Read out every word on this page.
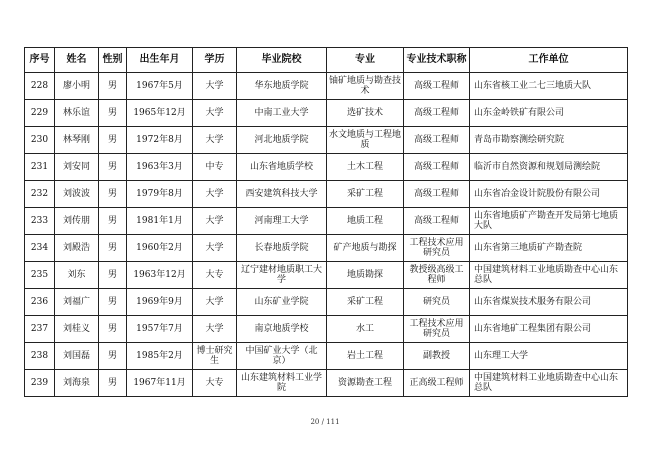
序号	姓名	性别	出生年月	学历	毕业院校	专业	专业技术职称	工作单位
228	廖小明	男	1967年5月	大学	华东地质学院	铀矿地质与勘查技术	高级工程师	山东省核工业二七三地质大队
229	林乐谊	男	1965年12月	大学	中南工业大学	选矿技术	高级工程师	山东金岭铁矿有限公司
230	林琴刚	男	1972年8月	大学	河北地质学院	水文地质与工程地质	高级工程师	青岛市勘察测绘研究院
231	刘安同	男	1963年3月	中专	山东省地质学校	土木工程	高级工程师	临沂市自然资源和规划局测绘院
232	刘波波	男	1979年8月	大学	西安建筑科技大学	采矿工程	高级工程师	山东省冶金设计院股份有限公司
233	刘传朋	男	1981年1月	大学	河南理工大学	地质工程	高级工程师	山东省地质矿产勘查开发局第七地质大队
234	刘殿浩	男	1960年2月	大学	长春地质学院	矿产地质与勘探	工程技术应用研究员	山东省第三地质矿产勘查院
235	刘东	男	1963年12月	大专	辽宁建材地质职工大学	地质勘探	教授级高级工程师	中国建筑材料工业地质勘查中心山东总队
236	刘福广	男	1969年9月	大学	山东矿业学院	采矿工程	研究员	山东省煤炭技术服务有限公司
237	刘桂义	男	1957年7月	大学	南京地质学校	水工	工程技术应用研究员	山东省地矿工程集团有限公司
238	刘国磊	男	1985年2月	博士研究生	中国矿业大学（北京）	岩土工程	副教授	山东理工大学
239	刘海泉	男	1967年11月	大专	山东建筑材料工业学院	资源勘查工程	正高级工程师	中国建筑材料工业地质勘查中心山东总队
20 / 111
